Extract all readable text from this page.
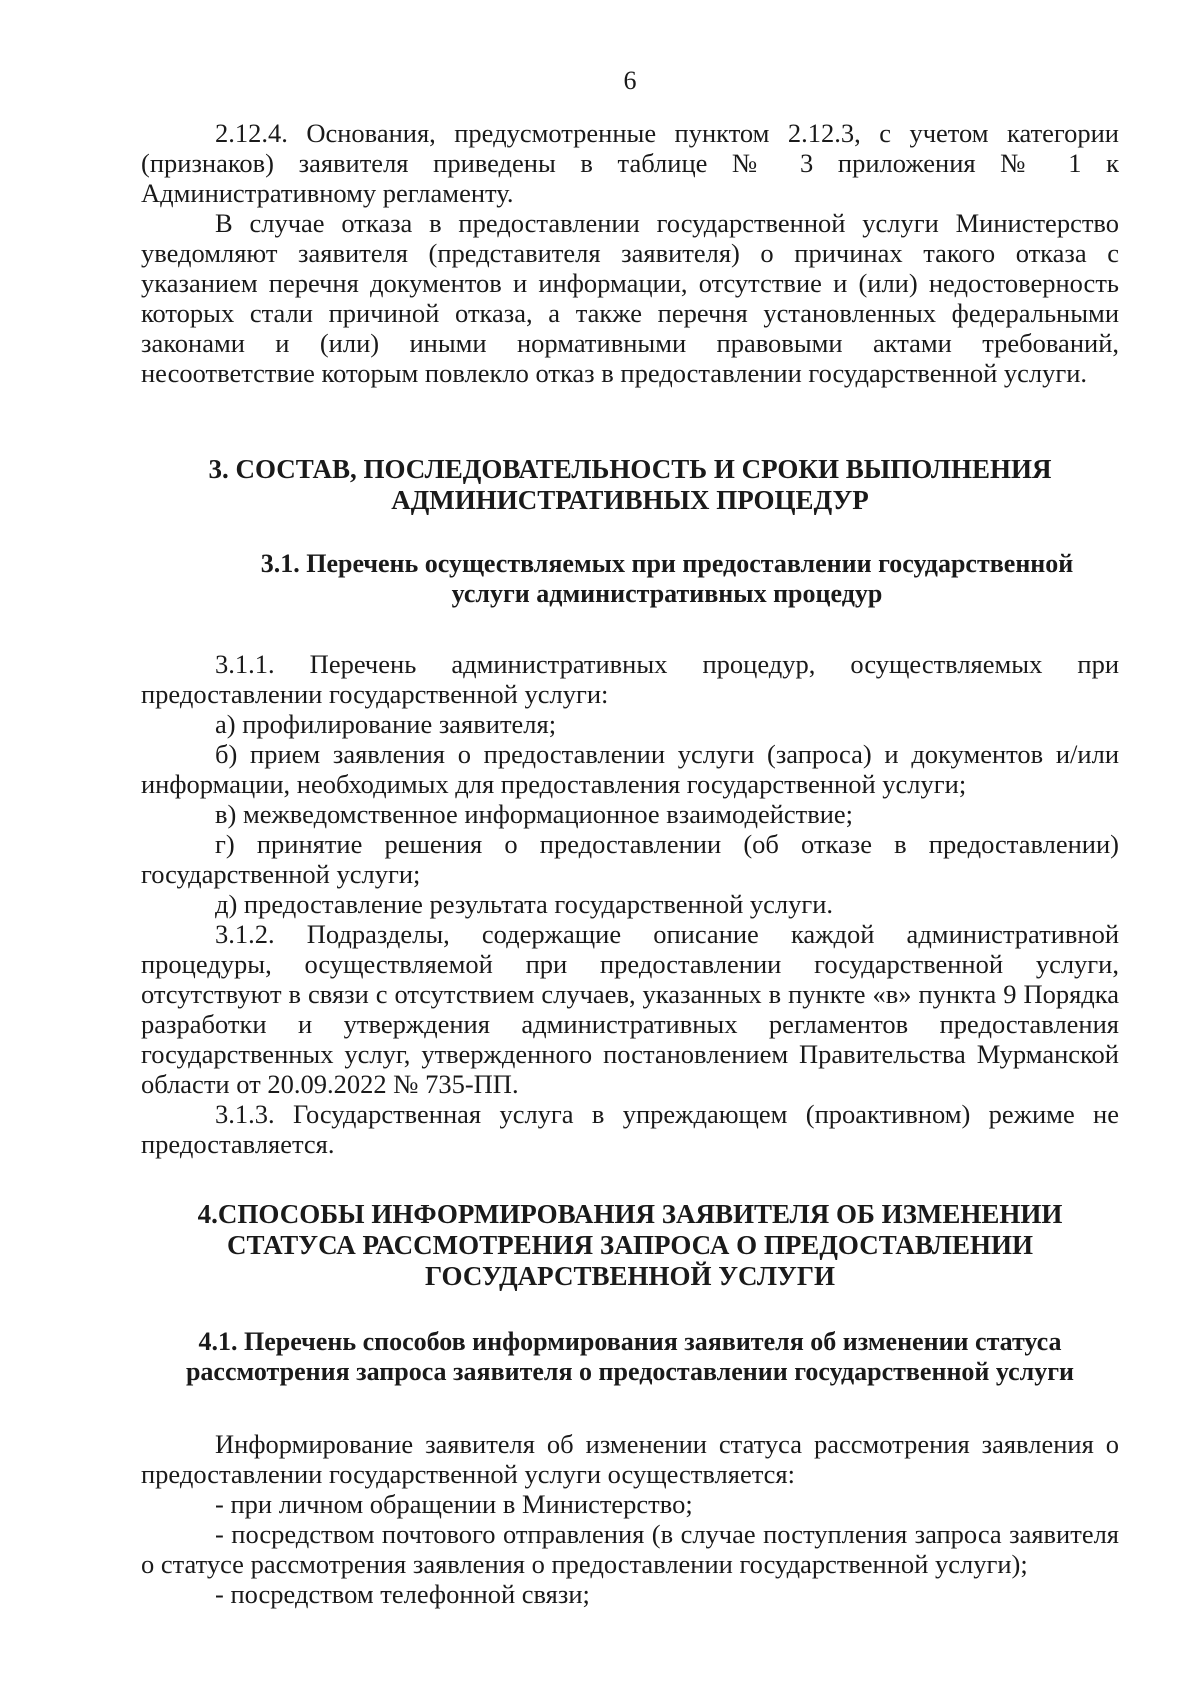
6

2.12.4. Основания, предусмотренные пунктом 2.12.3, с учетом категории (признаков) заявителя приведены в таблице № 3 приложения № 1 к Административному регламенту.

В случае отказа в предоставлении государственной услуги Министерство уведомляют заявителя (представителя заявителя) о причинах такого отказа с указанием перечня документов и информации, отсутствие и (или) недостоверность которых стали причиной отказа, а также перечня установленных федеральными законами и (или) иными нормативными правовыми актами требований, несоответствие которым повлекло отказ в предоставлении государственной услуги.

3. СОСТАВ, ПОСЛЕДОВАТЕЛЬНОСТЬ И СРОКИ ВЫПОЛНЕНИЯ
АДМИНИСТРАТИВНЫХ ПРОЦЕДУР
3.1. Перечень осуществляемых при предоставлении государственной
услуги административных процедур

3.1.1. Перечень административных процедур, осуществляемых при предоставлении государственной услуги:

а) профилирование заявителя;

б) прием заявления о предоставлении услуги (запроса) и документов и/или информации, необходимых для предоставления государственной услуги;

в) межведомственное информационное взаимодействие;

г) принятие решения о предоставлении (об отказе в предоставлении) государственной услуги;

д) предоставление результата государственной услуги.

3.1.2. Подразделы, содержащие описание каждой административной процедуры, осуществляемой при предоставлении государственной услуги, отсутствуют в связи с отсутствием случаев, указанных в пункте «в» пункта 9 Порядка разработки и утверждения административных регламентов предоставления государственных услуг, утвержденного постановлением Правительства Мурманской области от 20.09.2022 № 735-ПП.

3.1.3. Государственная услуга в упреждающем (проактивном) режиме не предоставляется.

4.СПОСОБЫ ИНФОРМИРОВАНИЯ ЗАЯВИТЕЛЯ ОБ ИЗМЕНЕНИИ
СТАТУСА РАССМОТРЕНИЯ ЗАПРОСА О ПРЕДОСТАВЛЕНИИ
ГОСУДАРСТВЕННОЙ УСЛУГИ
4.1. Перечень способов информирования заявителя об изменении статуса
рассмотрения запроса заявителя о предоставлении государственной услуги

Информирование заявителя об изменении статуса рассмотрения заявления о предоставлении государственной услуги осуществляется:

- при личном обращении в Министерство;

- посредством почтового отправления (в случае поступления запроса заявителя о статусе рассмотрения заявления о предоставлении государственной услуги);

- посредством телефонной связи;
